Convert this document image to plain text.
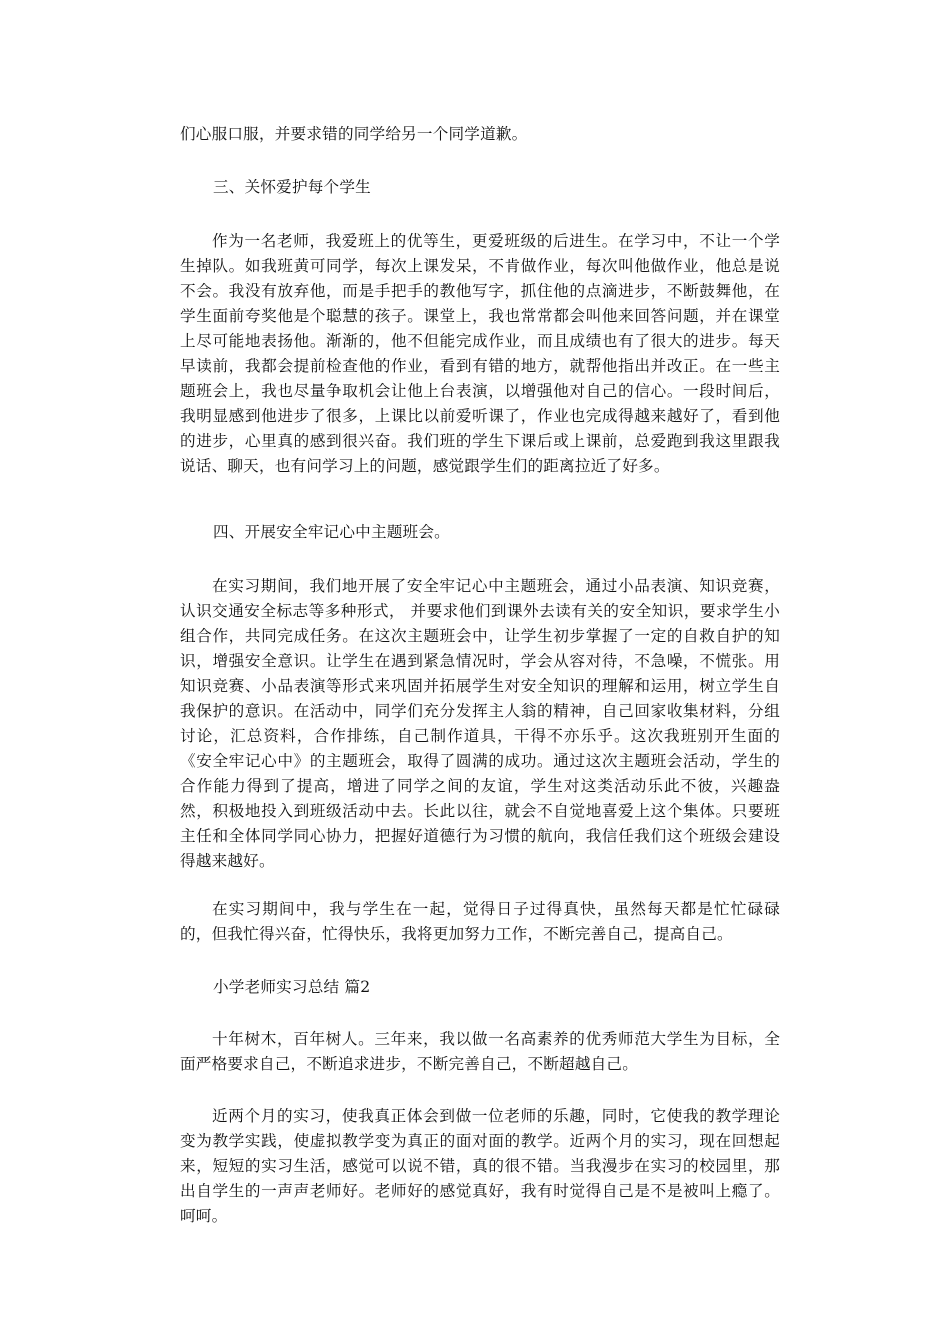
们心服口服，并要求错的同学给另一个同学道歉。

三、关怀爱护每个学生

作为一名老师，我爱班上的优等生，更爱班级的后进生。在学习中，不让一个学生掉队。如我班黄可同学，每次上课发呆，不肯做作业，每次叫他做作业，他总是说不会。我没有放弃他，而是手把手的教他写字，抓住他的点滴进步，不断鼓舞他，在学生面前夸奖他是个聪慧的孩子。课堂上，我也常常都会叫他来回答问题，并在课堂上尽可能地表扬他。渐渐的，他不但能完成作业，而且成绩也有了很大的进步。每天早读前，我都会提前检查他的作业，看到有错的地方，就帮他指出并改正。在一些主题班会上，我也尽量争取机会让他上台表演，以增强他对自己的信心。一段时间后，我明显感到他进步了很多，上课比以前爱听课了，作业也完成得越来越好了，看到他的进步，心里真的感到很兴奋。我们班的学生下课后或上课前，总爱跑到我这里跟我说话、聊天，也有问学习上的问题，感觉跟学生们的距离拉近了好多。

四、开展安全牢记心中主题班会。

在实习期间，我们地开展了安全牢记心中主题班会，通过小品表演、知识竞赛，认识交通安全标志等多种形式， 并要求他们到课外去读有关的安全知识，要求学生小组合作，共同完成任务。在这次主题班会中，让学生初步掌握了一定的自救自护的知识，增强安全意识。让学生在遇到紧急情况时，学会从容对待，不急噪，不慌张。用知识竞赛、小品表演等形式来巩固并拓展学生对安全知识的理解和运用，树立学生自我保护的意识。在活动中，同学们充分发挥主人翁的精神，自己回家收集材料，分组讨论，汇总资料，合作排练，自己制作道具，干得不亦乐乎。这次我班别开生面的《安全牢记心中》的主题班会，取得了圆满的成功。通过这次主题班会活动，学生的合作能力得到了提高，增进了同学之间的友谊，学生对这类活动乐此不彼，兴趣盎然，积极地投入到班级活动中去。长此以往，就会不自觉地喜爱上这个集体。只要班主任和全体同学同心协力，把握好道德行为习惯的航向，我信任我们这个班级会建设得越来越好。

在实习期间中，我与学生在一起，觉得日子过得真快，虽然每天都是忙忙碌碌的，但我忙得兴奋，忙得快乐，我将更加努力工作，不断完善自己，提高自己。

小学老师实习总结 篇2

十年树木，百年树人。三年来，我以做一名高素养的优秀师范大学生为目标，全面严格要求自己，不断追求进步，不断完善自己，不断超越自己。

近两个月的实习，使我真正体会到做一位老师的乐趣，同时，它使我的教学理论变为教学实践，使虚拟教学变为真正的面对面的教学。近两个月的实习，现在回想起来，短短的实习生活，感觉可以说不错，真的很不错。当我漫步在实习的校园里，那出自学生的一声声老师好。老师好的感觉真好，我有时觉得自己是不是被叫上瘾了。呵呵。
